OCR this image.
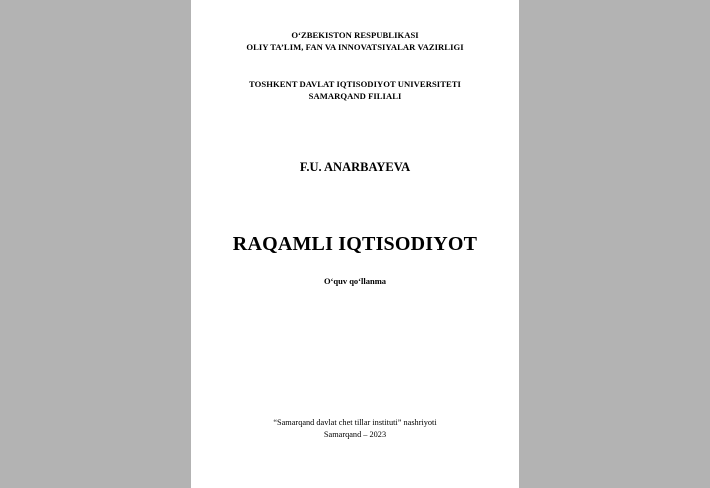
O‘ZBEKISTON RESPUBLIKASI
OLIY TA’LIM, FAN VA INNOVATSIYALAR VAZIRLIGI
TOSHKENT DAVLAT IQTISODIYOT UNIVERSITETI
SAMARQAND FILIALI
F.U. ANARBAYEVA
RAQAMLI IQTISODIYOT
O‘quv qo‘llanma
“Samarqand davlat chet tillar instituti” nashriyoti
Samarqand – 2023
